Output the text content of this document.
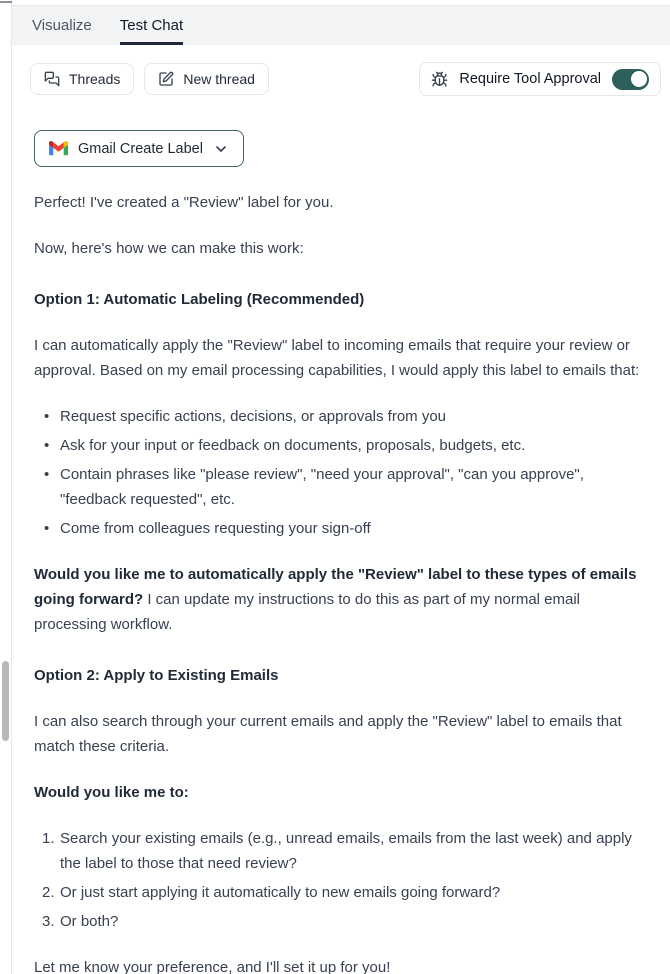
Visualize Test Chat
Threads	New thread	Require Tool Approval
Gmail Create Label

Perfect! I've created a "Review" label for you.

Now, here's how we can make this work:

Option 1: Automatic Labeling (Recommended)

I can automatically apply the "Review" label to incoming emails that require your review or approval. Based on my email processing capabilities, I would apply this label to emails that:

• Request specific actions, decisions, or approvals from you
• Ask for your input or feedback on documents, proposals, budgets, etc.
• Contain phrases like "please review", "need your approval", "can you approve", "feedback requested", etc.
• Come from colleagues requesting your sign-off

Would you like me to automatically apply the "Review" label to these types of emails going forward? I can update my instructions to do this as part of my normal email processing workflow.

Option 2: Apply to Existing Emails

I can also search through your current emails and apply the "Review" label to emails that match these criteria.

Would you like me to:

1. Search your existing emails (e.g., unread emails, emails from the last week) and apply the label to those that need review?
2. Or just start applying it automatically to new emails going forward?
3. Or both?

Let me know your preference, and I'll set it up for you!
